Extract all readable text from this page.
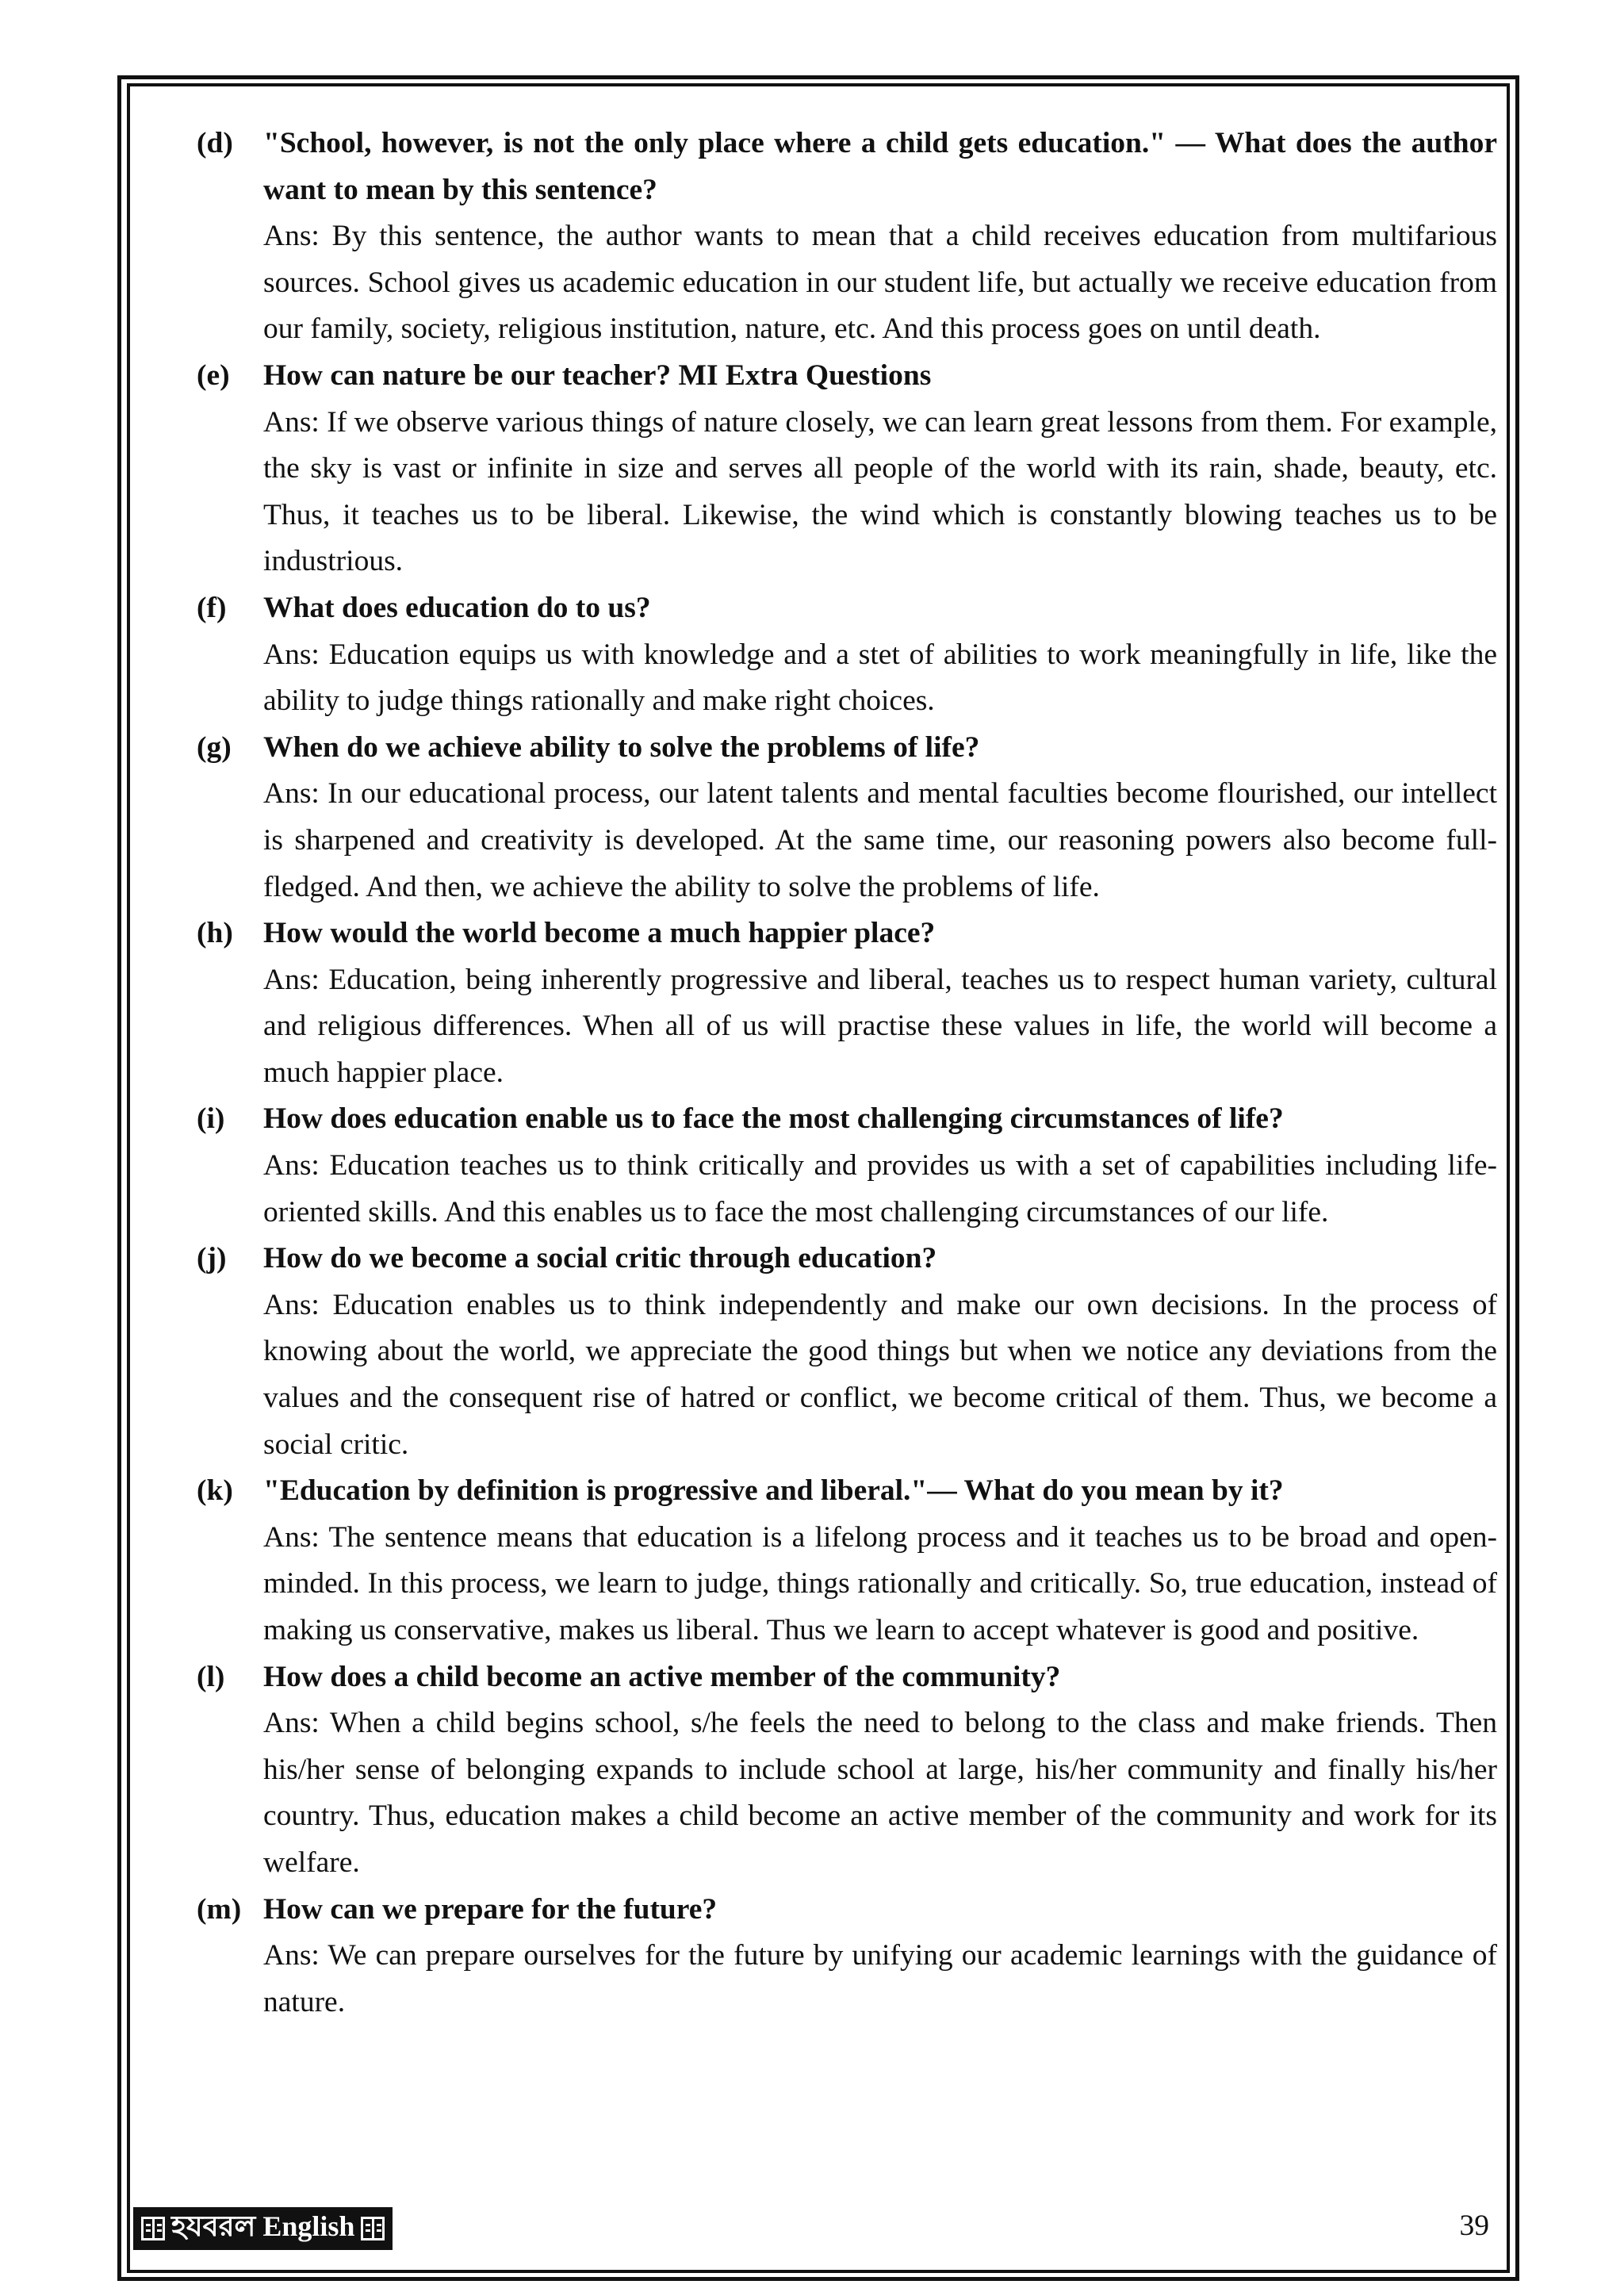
(d)	"School, however, is not the only place where a child gets education." — What does the author want to mean by this sentence?
Ans: By this sentence, the author wants to mean that a child receives education from multifarious sources. School gives us academic education in our student life, but actually we receive education from our family, society, religious institution, nature, etc. And this process goes on until death.
(e)	How can nature be our teacher? MI Extra Questions
Ans: If we observe various things of nature closely, we can learn great lessons from them. For example, the sky is vast or infinite in size and serves all people of the world with its rain, shade, beauty, etc. Thus, it teaches us to be liberal. Likewise, the wind which is constantly blowing teaches us to be industrious.
(f)	What does education do to us?
Ans: Education equips us with knowledge and a stet of abilities to work meaningfully in life, like the ability to judge things rationally and make right choices.
(g)	When do we achieve ability to solve the problems of life?
Ans: In our educational process, our latent talents and mental faculties become flourished, our intellect is sharpened and creativity is developed. At the same time, our reasoning powers also become full-fledged. And then, we achieve the ability to solve the problems of life.
(h)	How would the world become a much happier place?
Ans: Education, being inherently progressive and liberal, teaches us to respect human variety, cultural and religious differences. When all of us will practise these values in life, the world will become a much happier place.
(i)	How does education enable us to face the most challenging circumstances of life?
Ans: Education teaches us to think critically and provides us with a set of capabilities including life-oriented skills. And this enables us to face the most challenging circumstances of our life.
(j)	How do we become a social critic through education?
Ans: Education enables us to think independently and make our own decisions. In the process of knowing about the world, we appreciate the good things but when we notice any deviations from the values and the consequent rise of hatred or conflict, we become critical of them. Thus, we become a social critic.
(k)	"Education by definition is progressive and liberal."— What do you mean by it?
Ans: The sentence means that education is a lifelong process and it teaches us to be broad and open-minded. In this process, we learn to judge, things rationally and critically. So, true education, instead of making us conservative, makes us liberal. Thus we learn to accept whatever is good and positive.
(l)	How does a child become an active member of the community?
Ans: When a child begins school, s/he feels the need to belong to the class and make friends. Then his/her sense of belonging expands to include school at large, his/her community and finally his/her country. Thus, education makes a child become an active member of the community and work for its welfare.
(m) How can we prepare for the future?
Ans: We can prepare ourselves for the future by unifying our academic learnings with the guidance of nature.
হযবরল English	39
